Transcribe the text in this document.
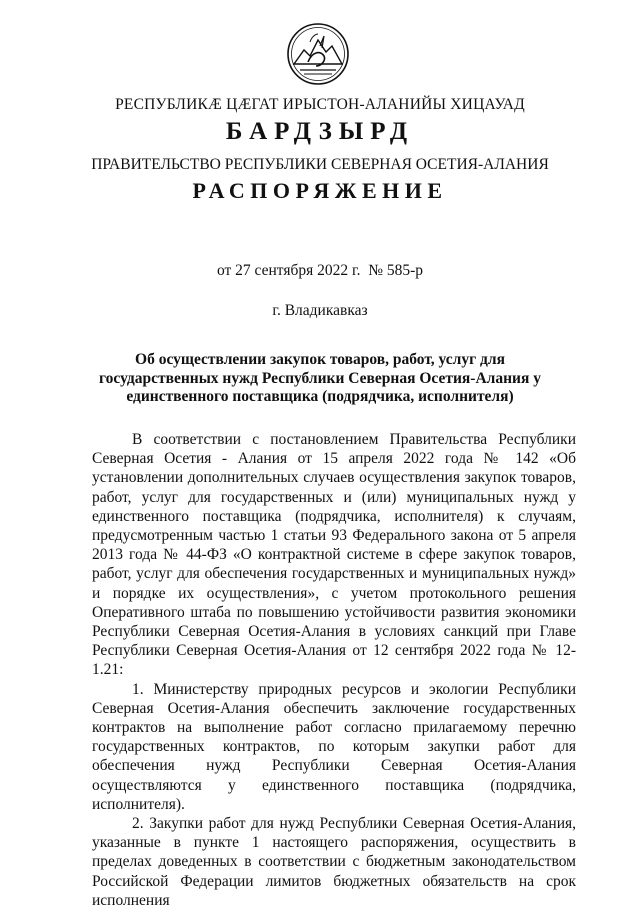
РЕСПУБЛИКÆ ЦÆГАТ ИРЫСТОН-АЛАНИЙЫ ХИЦАУАД
БАРДЗЫРД
ПРАВИТЕЛЬСТВО РЕСПУБЛИКИ СЕВЕРНАЯ ОСЕТИЯ-АЛАНИЯ
РАСПОРЯЖЕНИЕ
от 27 сентября 2022 г.  № 585-р
г. Владикавказ
Об осуществлении закупок товаров, работ, услуг для государственных нужд Республики Северная Осетия-Алания у единственного поставщика (подрядчика, исполнителя)

В соответствии с постановлением Правительства Республики Северная Осетия - Алания от 15 апреля 2022 года № 142 «Об установлении дополнительных случаев осуществления закупок товаров, работ, услуг для государственных и (или) муниципальных нужд у единственного поставщика (подрядчика, исполнителя) к случаям, предусмотренным частью 1 статьи 93 Федерального закона от 5 апреля 2013 года № 44-ФЗ «О контрактной системе в сфере закупок товаров, работ, услуг для обеспечения государственных и муниципальных нужд» и порядке их осуществления», с учетом протокольного решения Оперативного штаба по повышению устойчивости развития экономики Республики Северная Осетия-Алания в условиях санкций при Главе Республики Северная Осетия-Алания от 12 сентября 2022 года № 12-1.21:

1. Министерству природных ресурсов и экологии Республики Северная Осетия-Алания обеспечить заключение государственных контрактов на выполнение работ согласно прилагаемому перечню государственных контрактов, по которым закупки работ для обеспечения нужд Республики Северная Осетия-Алания осуществляются у единственного поставщика (подрядчика, исполнителя).

2. Закупки работ для нужд Республики Северная Осетия-Алания, указанные в пункте 1 настоящего распоряжения, осуществить в пределах доведенных в соответствии с бюджетным законодательством Российской Федерации лимитов бюджетных обязательств на срок исполнения
